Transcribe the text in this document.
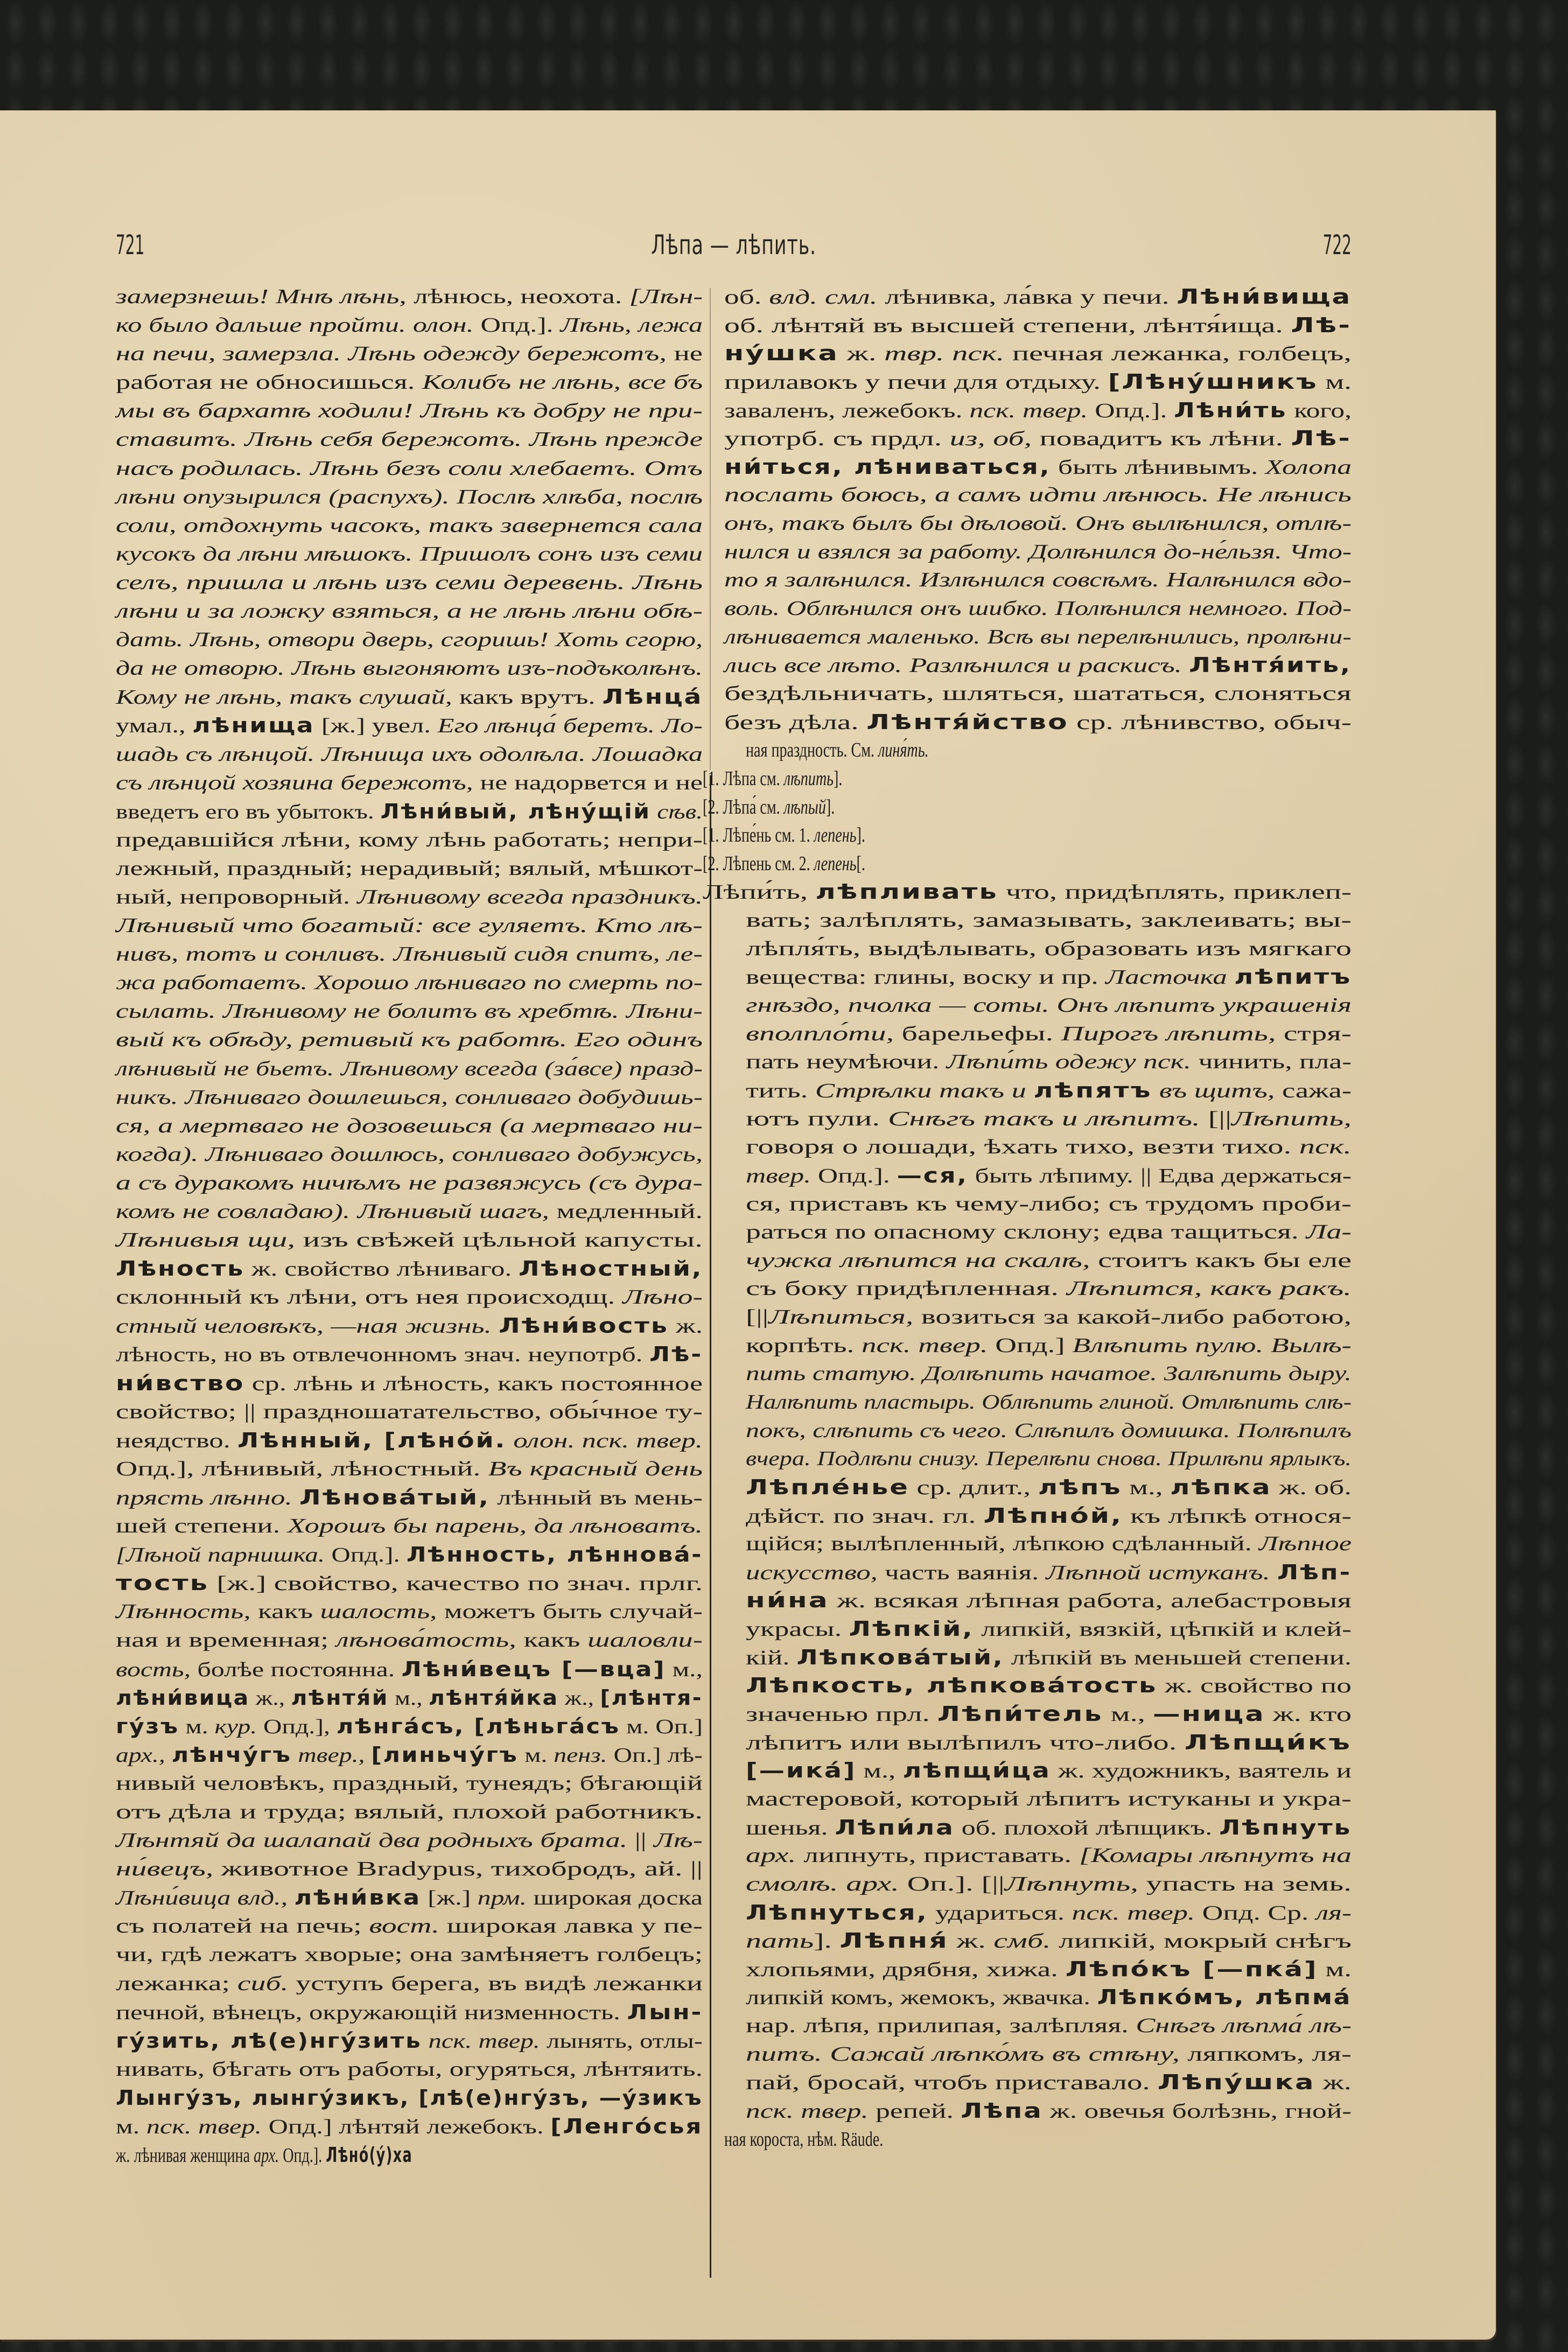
721	Лѣпа — лѣпить.	722
замерзнешь! Мнѣ лѣнь, лѣнюсь, неохота. [Лѣн-
ко было дальше пройти. олон. Опд.]. Лѣнь, лежа
на печи, замерзла. Лѣнь одежду бережотъ, не
работая не обносишься. Колибъ не лѣнь, все бъ
мы въ бархатѣ ходили! Лѣнь къ добру не при-
ставитъ. Лѣнь себя бережотъ. Лѣнь прежде
насъ родилась. Лѣнь безъ соли хлебаетъ. Отъ
лѣни опузырился (распухъ). Послѣ хлѣба, послѣ
соли, отдохнуть часокъ, такъ завернется сала
кусокъ да лѣни мѣшокъ. Пришолъ сонъ изъ семи
селъ, пришла и лѣнь изъ семи деревень. Лѣнь
лѣни и за ложку взяться, а не лѣнь лѣни обѣ-
дать. Лѣнь, отвори дверь, сгоришь! Хоть сгорю,
да не отворю. Лѣнь выгоняютъ изъ-подъколѣнъ.
Кому не лѣнь, такъ слушай, какъ врутъ. Лѣнца́
умал., лѣнища [ж.] увел. Его лѣнца́ беретъ. Ло-
шадь съ лѣнцой. Лѣнища ихъ одолѣла. Лошадка
съ лѣнцой хозяина бережотъ, не надорвется и не
введетъ его въ убытокъ. Лѣни́вый, лѣну́щій сѣв.
предавшійся лѣни, кому лѣнь работать; непри-
лежный, праздный; нерадивый; вялый, мѣшкот-
ный, непроворный. Лѣнивому всегда праздникъ.
Лѣнивый что богатый: все гуляетъ. Кто лѣ-
нивъ, тотъ и сонливъ. Лѣнивый сидя спитъ, ле-
жа работаетъ. Хорошо лѣниваго по смерть по-
сылать. Лѣнивому не болитъ въ хребтѣ. Лѣни-
вый къ обѣду, ретивый къ работѣ. Его одинъ
лѣнивый не бьетъ. Лѣнивому всегда (за́все) празд-
никъ. Лѣниваго дошлешься, сонливаго добудишь-
ся, а мертваго не дозовешься (а мертваго ни-
когда). Лѣниваго дошлюсь, сонливаго добужусь,
а съ дуракомъ ничѣмъ не развяжусь (съ дура-
комъ не совладаю). Лѣнивый шагъ, медленный.
Лѣнивыя щи, изъ свѣжей цѣльной капусты.
Лѣность ж. свойство лѣниваго. Лѣностный,
склонный къ лѣни, отъ нея происходщ. Лѣно-
стный человѣкъ, —ная жизнь. Лѣни́вость ж.
лѣность, но въ отвлечонномъ знач. неупотрб. Лѣ-
ни́вство ср. лѣнь и лѣность, какъ постоянное
свойство; || праздношатательство, обы́чное ту-
неядство. Лѣнный, [лѣно́й. олон. пск. твер.
Опд.], лѣнивый, лѣностный. Въ красный день
прясть лѣнно. Лѣнова́тый, лѣнный въ мень-
шей степени. Хорошъ бы парень, да лѣноватъ.
[Лѣной парнишка. Опд.]. Лѣнность, лѣннова́-
тость [ж.] свойство, качество по знач. прлг.
Лѣнность, какъ шалость, можетъ быть случай-
ная и временная; лѣнова́тость, какъ шаловли-
вость, болѣе постоянна. Лѣни́вецъ [—вца] м.,
лѣни́вица ж., лѣнтя́й м., лѣнтя́йка ж., [лѣнтя-
гу́зъ м. кур. Опд.], лѣнга́съ, [лѣньга́съ м. Оп.]
арх., лѣнчу́гъ твер., [линьчу́гъ м. пенз. Оп.] лѣ-
нивый человѣкъ, праздный, тунеядъ; бѣгающій
отъ дѣла и труда; вялый, плохой работникъ.
Лѣнтяй да шалапай два родныхъ брата. || Лѣ-
ни́вецъ, животное Bradypus, тихобродъ, ай. ||
Лѣни́вица влд., лѣни́вка [ж.] прм. широкая доска
съ полатей на печь; вост. широкая лавка у пе-
чи, гдѣ лежатъ хворые; она замѣняетъ голбецъ;
лежанка; сиб. уступъ берега, въ видѣ лежанки
печной, вѣнецъ, окружающій низменность. Лын-
гу́зить, лѣ(е)нгу́зить пск. твер. лынять, отлы-
нивать, бѣгать отъ работы, огуряться, лѣнтяить.
Лынгу́зъ, лынгу́зикъ, [лѣ(е)нгу́зъ, —у́зикъ
м. пск. твер. Опд.] лѣнтяй лежебокъ. [Ленго́сья
ж. лѣнивая женщина арх. Опд.]. Лѣно́(у́)ха
об. влд. смл. лѣнивка, ла́вка у печи. Лѣни́вища
об. лѣнтяй въ высшей степени, лѣнтя́ища. Лѣ-
ну́шка ж. твр. пск. печная лежанка, голбецъ,
прилавокъ у печи для отдыху. [Лѣну́шникъ м.
заваленъ, лежебокъ. пск. твер. Опд.]. Лѣни́ть кого,
употрб. съ прдл. из, об, повадитъ къ лѣни. Лѣ-
ни́ться, лѣниваться, быть лѣнивымъ. Холопа
послать боюсь, а самъ идти лѣнюсь. Не лѣнись
онъ, такъ былъ бы дѣловой. Онъ вылѣнился, отлѣ-
нился и взялся за работу. Долѣнился до-не́льзя. Что-
то я залѣнился. Излѣнился совсѣмъ. Налѣнился вдо-
воль. Облѣнился онъ шибко. Полѣнился немного. Под-
лѣнивается маленько. Всѣ вы перелѣнились, пролѣни-
лись все лѣто. Разлѣнился и раскисъ. Лѣнтя́ить,
бездѣльничать, шляться, шататься, слоняться
безъ дѣла. Лѣнтя́йство ср. лѣнивство, обыч-
ная праздность. См. линя́ть.
[1. Лѣпа см. лѣпить].
[2. Лѣпа́ см. лѣпый].
[1. Лѣпе́нь см. 1. лепень].
[2. Лѣпень см. 2. лепень[.
Лѣпи́ть, лѣпливать что, придѣплять, приклеп-
вать; залѣплять, замазывать, заклеивать; вы-
лѣпля́ть, выдѣлывать, образовать изъ мягкаго
вещества: глины, воску и пр. Ласточка лѣпитъ
гнѣздо, пчолка — соты. Онъ лѣпитъ украшенія
вполпло́ти, барельефы. Пирогъ лѣпить, стря-
пать неумѣючи. Лѣпи́ть одежу пск. чинить, пла-
тить. Стрѣлки такъ и лѣпятъ въ щитъ, сажа-
ютъ пули. Снѣгъ такъ и лѣпитъ. [||Лѣпить,
говоря о лошади, ѣхать тихо, везти тихо. пск.
твер. Опд.]. —ся, быть лѣпиму. || Едва держаться-
ся, приставъ къ чему-либо; съ трудомъ проби-
раться по опасному склону; едва тащиться. Ла-
чужка лѣпится на скалѣ, стоитъ какъ бы еле
съ боку придѣпленная. Лѣпится, какъ ракъ.
[||Лѣпиться, возиться за какой-либо работою,
корпѣть. пск. твер. Опд.] Влѣпить пулю. Вылѣ-
пить статую. Долѣпить начатое. Залѣпить дыру.
Налѣпить пластырь. Облѣпить глиной. Отлѣпить слѣ-
покъ, слѣпить съ чего. Слѣпилъ домишка. Полѣпилъ
вчера. Подлѣпи снизу. Перелѣпи снова. Прилѣпи ярлыкъ.
Лѣпле́нье ср. длит., лѣпъ м., лѣпка ж. об.
дѣйст. по знач. гл. Лѣпно́й, къ лѣпкѣ относя-
щійся; вылѣпленный, лѣпкою сдѣланный. Лѣпное
искусство, часть ваянія. Лѣпной истуканъ. Лѣп-
ни́на ж. всякая лѣпная работа, алебастровыя
украсы. Лѣпкій, липкій, вязкій, цѣпкій и клей-
кій. Лѣпкова́тый, лѣпкій въ меньшей степени.
Лѣпкость, лѣпкова́тость ж. свойство по
значенью прл. Лѣпи́тель м., —ница ж. кто
лѣпитъ или вылѣпилъ что-либо. Лѣпщи́къ
[—ика́] м., лѣпщи́ца ж. художникъ, ваятель и
мастеровой, который лѣпитъ истуканы и укра-
шенья. Лѣпи́ла об. плохой лѣпщикъ. Лѣпнуть
арх. липнуть, приставать. [Комары лѣпнутъ на
смолѣ. арх. Оп.]. [||Лѣпнуть, упасть на земь.
Лѣпнуться, удариться. пск. твер. Опд. Ср. ля-
пать]. Лѣпня́ ж. смб. липкій, мокрый снѣгъ
хлопьями, дрябня, хижа. Лѣпо́къ [—пка́] м.
липкій комъ, жемокъ, жвачка. Лѣпко́мъ, лѣпма́
нар. лѣпя, прилипая, залѣпляя. Снѣгъ лѣпма́ лѣ-
питъ. Сажай лѣпко́мъ въ стѣну, ляпкомъ, ля-
пай, бросай, чтобъ приставало. Лѣпу́шка ж.
пск. твер. репей. Лѣпа ж. овечья болѣзнь, гной-
ная короста, нѣм. Räude.
